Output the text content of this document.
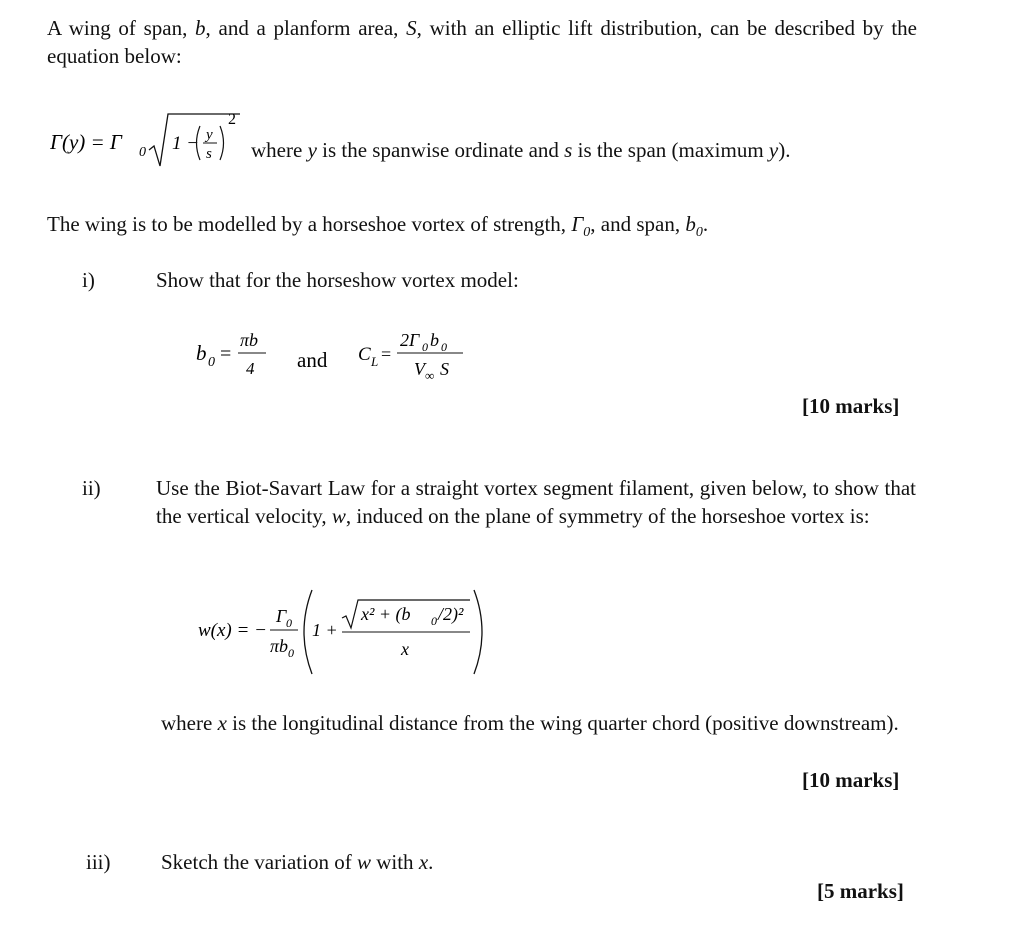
A wing of span, b, and a planform area, S, with an elliptic lift distribution, can be described by the equation below:
Γ(y) = Γ 0 1 − y
s
2
where y is the spanwise ordinate and s is the span (maximum y).
The wing is to be modelled by a horseshoe vortex of strength, $\Gamma_0$, and span, $b_0$.
i)	Show that for the horseshow vortex model:
b 0 =
πb
4 and C L =
2Γ 0 b 0
V ∞ S
[10 marks]
ii)	Use the Biot-Savart Law for a straight vortex segment filament, given below, to show that the vertical velocity, w, induced on the plane of symmetry of the horseshoe vortex is:
w(x) = −
Γ 0
πb 0
1 +
x² + (b 0 /2)²
x
where x is the longitudinal distance from the wing quarter chord (positive downstream).
[10 marks]
iii) Sketch the variation of w with x.
[5 marks]
